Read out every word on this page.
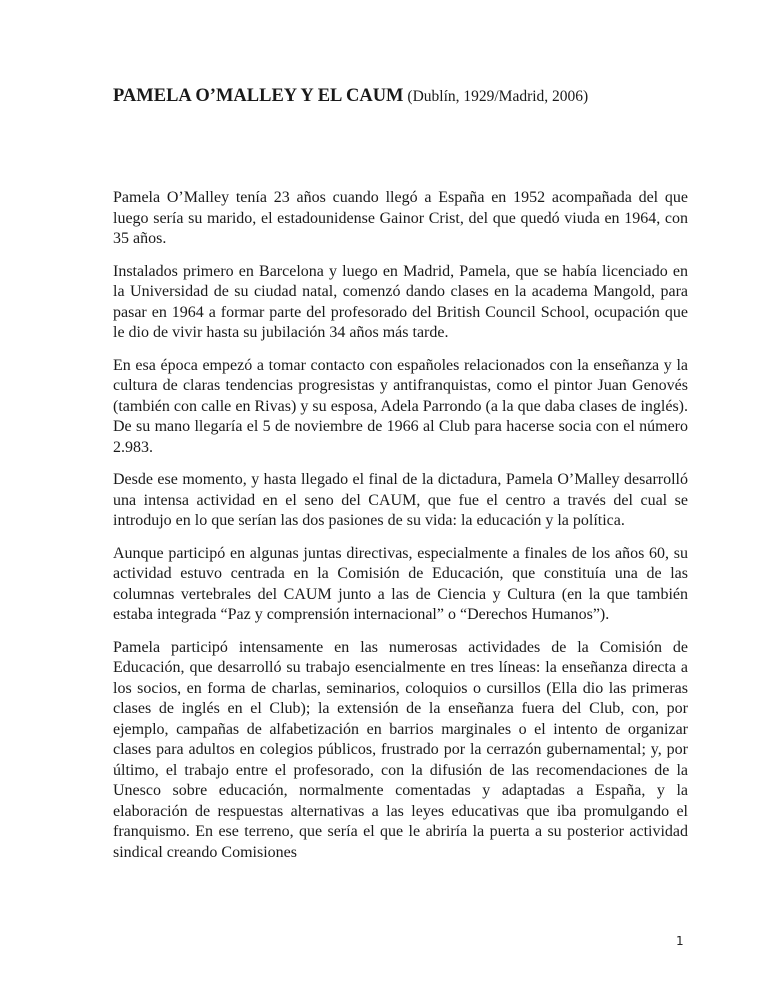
PAMELA O’MALLEY Y EL CAUM (Dublín, 1929/Madrid, 2006)

Pamela O’Malley tenía 23 años cuando llegó a España en 1952 acompañada del que luego sería su marido, el estadounidense Gainor Crist, del que quedó viuda en 1964, con 35 años.

Instalados primero en Barcelona y luego en Madrid, Pamela, que se había licenciado en la Universidad de su ciudad natal, comenzó dando clases en la academa Mangold, para pasar en 1964 a formar parte del profesorado del British Council School, ocupación que le dio de vivir hasta su jubilación 34 años más tarde.

En esa época empezó a tomar contacto con españoles relacionados con la enseñanza y la cultura de claras tendencias progresistas y antifranquistas, como el pintor Juan Genovés (también con calle en Rivas) y su esposa, Adela Parrondo (a la que daba clases de inglés). De su mano llegaría el 5 de noviembre de 1966 al Club para hacerse socia con el número 2.983.

Desde ese momento, y hasta llegado el final de la dictadura, Pamela O’Malley desarrolló una intensa actividad en el seno del CAUM, que fue el centro a través del cual se introdujo en lo que serían las dos pasiones de su vida: la educación y la política.

Aunque participó en algunas juntas directivas, especialmente a finales de los años 60, su actividad estuvo centrada en la Comisión de Educación, que constituía una de las columnas vertebrales del CAUM junto a las de Ciencia y Cultura (en la que también estaba integrada “Paz y comprensión internacional” o “Derechos Humanos”).

Pamela participó intensamente en las numerosas actividades de la Comisión de Educación, que desarrolló su trabajo esencialmente en tres líneas: la enseñanza directa a los socios, en forma de charlas, seminarios, coloquios o cursillos (Ella dio las primeras clases de inglés en el Club); la extensión de la enseñanza fuera del Club, con, por ejemplo, campañas de alfabetización en barrios marginales o el intento de organizar clases para adultos en colegios públicos, frustrado por la cerrazón gubernamental; y, por último, el trabajo entre el profesorado, con la difusión de las recomendaciones de la Unesco sobre educación, normalmente comentadas y adaptadas a España, y la elaboración de respuestas alternativas a las leyes educativas que iba promulgando el franquismo. En ese terreno, que sería el que le abriría la puerta a su posterior actividad sindical creando Comisiones

1
